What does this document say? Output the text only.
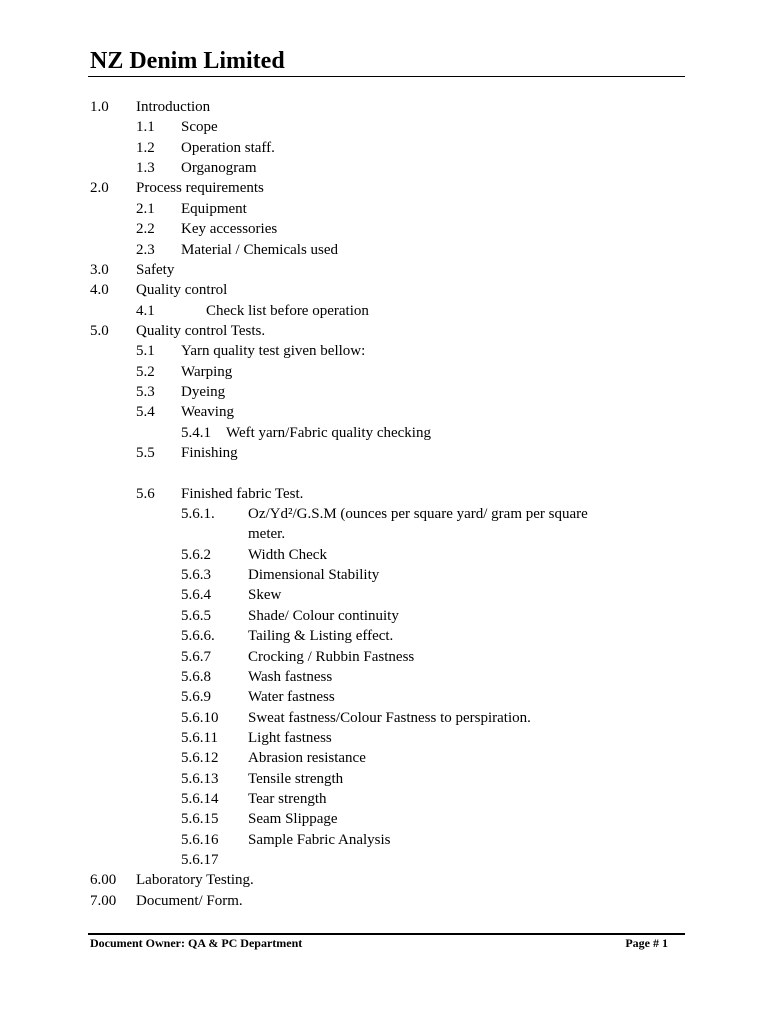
NZ Denim Limited
1.0 Introduction
1.1 Scope
1.2 Operation staff.
1.3 Organogram
2.0 Process requirements
2.1 Equipment
2.2 Key accessories
2.3 Material / Chemicals used
3.0 Safety
4.0 Quality control
4.1	Check list before operation
5.0 Quality control Tests.
5.1 Yarn quality test given bellow:
5.2 Warping
5.3 Dyeing
5.4 Weaving
5.4.1 Weft yarn/Fabric quality checking
5.5 Finishing
5.6 Finished fabric Test.
5.6.1. Oz/Yd²/G.S.M (ounces per square yard/ gram per square
meter.
5.6.2 Width Check
5.6.3 Dimensional Stability
5.6.4 Skew
5.6.5 Shade/ Colour continuity
5.6.6. Tailing & Listing effect.
5.6.7 Crocking / Rubbin Fastness
5.6.8 Wash fastness
5.6.9 Water fastness
5.6.10 Sweat fastness/Colour Fastness to perspiration.
5.6.11 Light fastness
5.6.12 Abrasion resistance
5.6.13 Tensile strength
5.6.14 Tear strength
5.6.15 Seam Slippage
5.6.16 Sample Fabric Analysis
5.6.17
6.00 Laboratory Testing.
7.00 Document/ Form.
Document Owner: QA & PC Department	Page # 1
